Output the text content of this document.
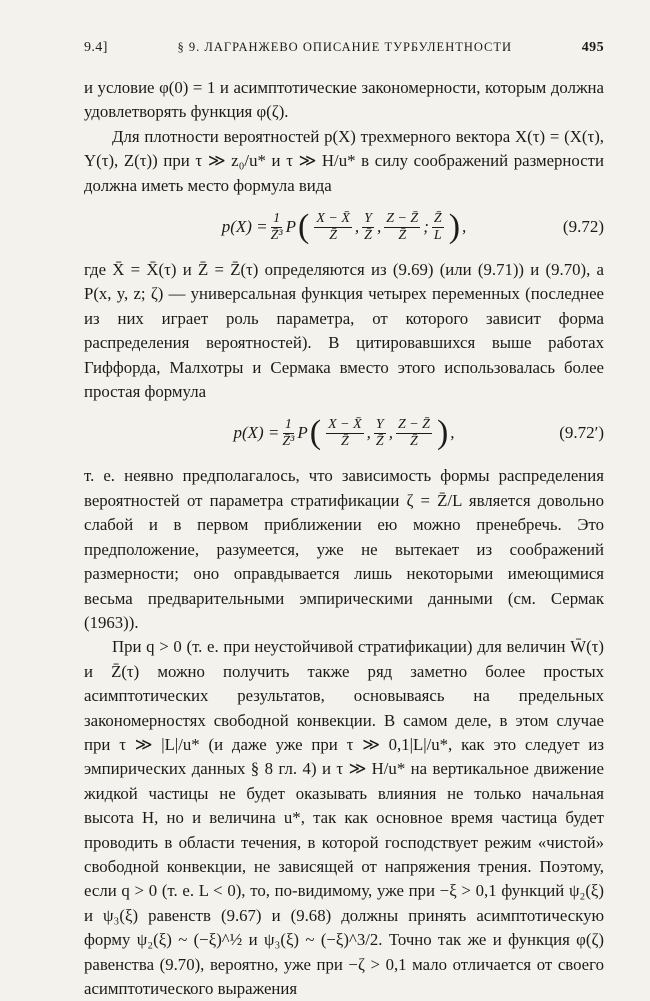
9.4]	§ 9. ЛАГРАНЖЕВО ОПИСАНИЕ ТУРБУЛЕНТНОСТИ	495

и условие φ(0) = 1 и асимптотические закономерности, которым должна удовлетворять функция φ(ζ).

Для плотности вероятностей p(X) трехмерного вектора X(τ) = (X(τ), Y(τ), Z(τ)) при τ ≫ z₀/u* и τ ≫ H/u* в силу соображений размерности должна иметь место формула вида

$p(X) = \frac{1}{\text{Z̄³}}$ P ( $\frac{X - X̄}{Z̄}$ , $\frac{Y}{Z̄}$ , $\frac{Z - Z̄}{Z̄}$ ; $\frac{Z̄}{L}$ ) ,	(9.72)

где X̄ = X̄(τ) и Z̄ = Z̄(τ) определяются из (9.69) (или (9.71)) и (9.70), а P(x, y, z; ζ) — универсальная функция четырех переменных (последнее из них играет роль параметра, от которого зависит форма распределения вероятностей). В цитировавшихся выше работах Гиффорда, Малхотры и Сермака вместо этого использовалась более простая формула

$p(X) = \frac{1}{\text{Z̄³}}$ P ( $\frac{X - X̄}{Z̄}$ , $\frac{Y}{Z̄}$ , $\frac{Z - Z̄}{Z̄}$ ) ,	(9.72′)

т. е. неявно предполагалось, что зависимость формы распределения вероятностей от параметра стратификации ζ = Z̄/L является довольно слабой и в первом приближении ею можно пренебречь. Это предположение, разумеется, уже не вытекает из соображений размерности; оно оправдывается лишь некоторыми имеющимися весьма предварительными эмпирическими данными (см. Сермак (1963)).

При q > 0 (т. е. при неустойчивой стратификации) для величин W̄(τ) и Z̄(τ) можно получить также ряд заметно более простых асимптотических результатов, основываясь на предельных закономерностях свободной конвекции. В самом деле, в этом случае при τ ≫ |L|/u* (и даже уже при τ ≫ 0,1|L|/u*, как это следует из эмпирических данных § 8 гл. 4) и τ ≫ H/u* на вертикальное движение жидкой частицы не будет оказывать влияния не только начальная высота H, но и величина u*, так как основное время частица будет проводить в области течения, в которой господствует режим «чистой» свободной конвекции, не зависящей от напряжения трения. Поэтому, если q > 0 (т. е. L < 0), то, по-видимому, уже при −ξ > 0,1 функций ψ₂(ξ) и ψ₃(ξ) равенств (9.67) и (9.68) должны принять асимптотическую форму ψ₂(ξ) ~ (−ξ)^½ и ψ₃(ξ) ~ (−ξ)^3/2. Точно так же и функция φ(ζ) равенства (9.70), вероятно, уже при −ζ > 0,1 мало отличается от своего асимптотического выражения
